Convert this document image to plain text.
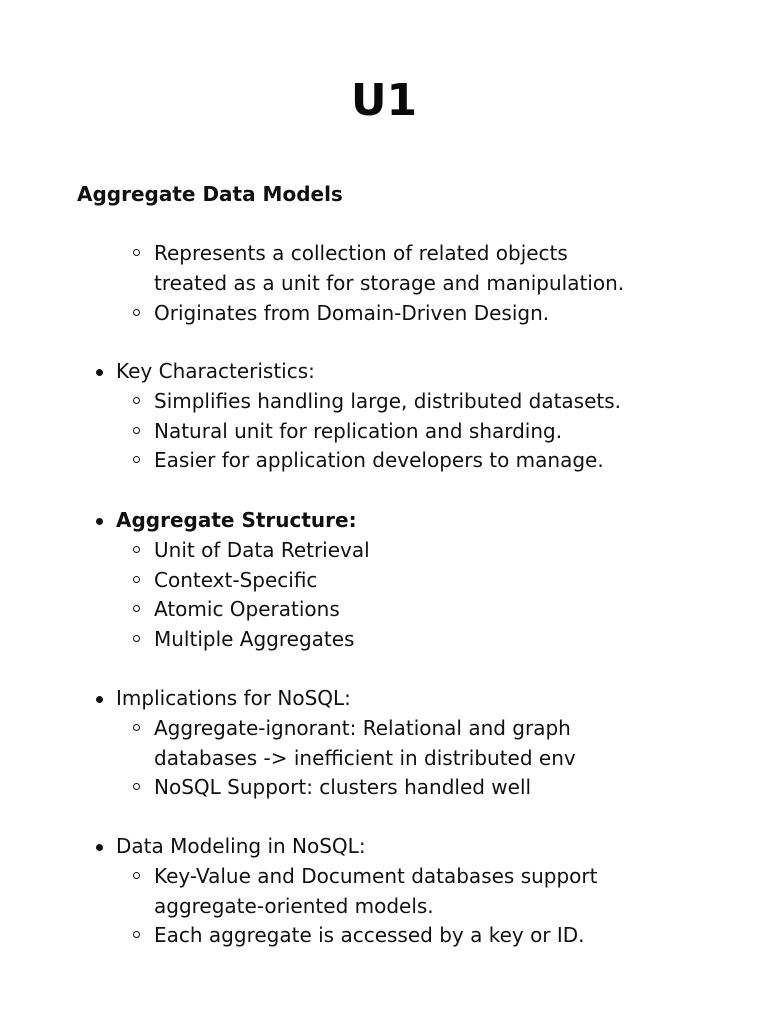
U1
Aggregate Data Models
Represents a collection of related objects
treated as a unit for storage and manipulation.
Originates from Domain-Driven Design.
Key Characteristics:
Simplifies handling large, distributed datasets.
Natural unit for replication and sharding.
Easier for application developers to manage.
Aggregate Structure:
Unit of Data Retrieval
Context-Specific
Atomic Operations
Multiple Aggregates
Implications for NoSQL:
Aggregate-ignorant: Relational and graph
databases -> inefficient in distributed env
NoSQL Support: clusters handled well
Data Modeling in NoSQL:
Key-Value and Document databases support
aggregate-oriented models.
Each aggregate is accessed by a key or ID.
